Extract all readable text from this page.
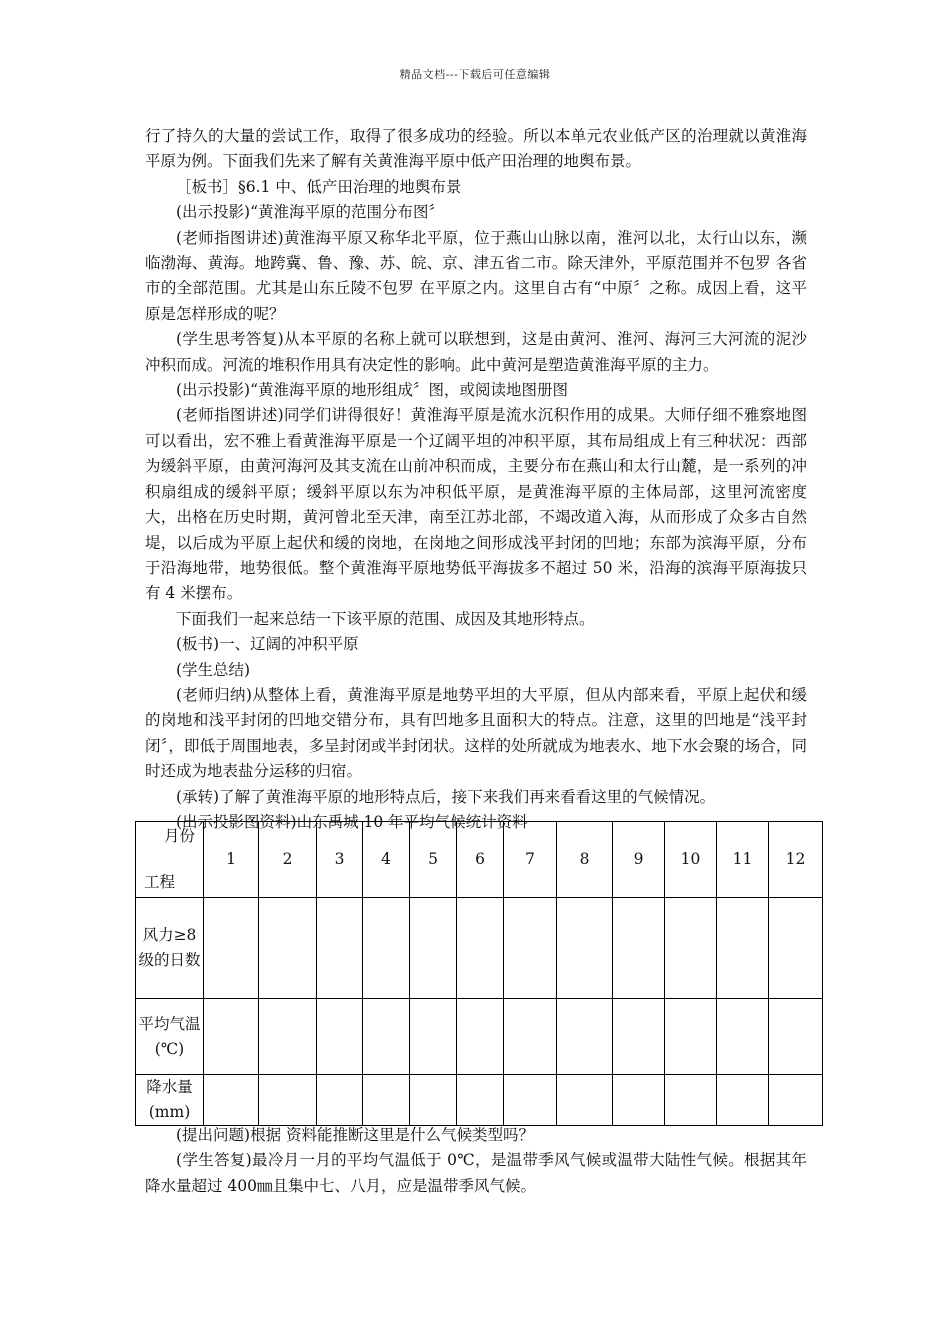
精品文档---下载后可任意编辑

行了持久的大量的尝试工作，取得了很多成功的经验。所以本单元农业低产区的治理就以黄淮海平原为例。下面我们先来了解有关黄淮海平原中低产田治理的地舆布景。

［板书］§6.1 中、低产田治理的地舆布景

(出示投影)“黄淮海平原的范围分布图〞

(老师指图讲述)黄淮海平原又称华北平原，位于燕山山脉以南，淮河以北，太行山以东，濒临渤海、黄海。地跨冀、鲁、豫、苏、皖、京、津五省二市。除天津外，平原范围并不包罗 各省市的全部范围。尤其是山东丘陵不包罗 在平原之内。这里自古有“中原〞之称。成因上看，这平原是怎样形成的呢？

(学生思考答复)从本平原的名称上就可以联想到，这是由黄河、淮河、海河三大河流的泥沙冲积而成。河流的堆积作用具有决定性的影响。此中黄河是塑造黄淮海平原的主力。

(出示投影)“黄淮海平原的地形组成〞图，或阅读地图册图

(老师指图讲述)同学们讲得很好！黄淮海平原是流水沉积作用的成果。大师仔细不雅察地图可以看出，宏不雅上看黄淮海平原是一个辽阔平坦的冲积平原，其布局组成上有三种状况：西部为缓斜平原，由黄河海河及其支流在山前冲积而成，主要分布在燕山和太行山麓，是一系列的冲积扇组成的缓斜平原；缓斜平原以东为冲积低平原，是黄淮海平原的主体局部，这里河流密度大，出格在历史时期，黄河曾北至天津，南至江苏北部，不竭改道入海，从而形成了众多古自然堤，以后成为平原上起伏和缓的岗地，在岗地之间形成浅平封闭的凹地；东部为滨海平原，分布于沿海地带，地势很低。整个黄淮海平原地势低平海拔多不超过 50 米，沿海的滨海平原海拔只有 4 米摆布。

下面我们一起来总结一下该平原的范围、成因及其地形特点。

(板书)一、辽阔的冲积平原

(学生总结)

(老师归纳)从整体上看，黄淮海平原是地势平坦的大平原，但从内部来看，平原上起伏和缓的岗地和浅平封闭的凹地交错分布，具有凹地多且面积大的特点。注意，这里的凹地是“浅平封闭〞，即低于周围地表，多呈封闭或半封闭状。这样的处所就成为地表水、地下水会聚的场合，同时还成为地表盐分运移的归宿。

(承转)了解了黄淮海平原的地形特点后，接下来我们再来看看这里的气候情况。

(出示投影图资料)山东禹城 10 年平均气候统计资料

月份
工程	1	2	3	4	5	6	7	8	9	10	11	12
风力≥8级的日数												
平均气温(℃)												
降水量(mm)												

(提出问题)根据 资料能推断这里是什么气候类型吗？

(学生答复)最冷月一月的平均气温低于 0℃，是温带季风气候或温带大陆性气候。根据其年降水量超过 400㎜且集中七、八月，应是温带季风气候。
